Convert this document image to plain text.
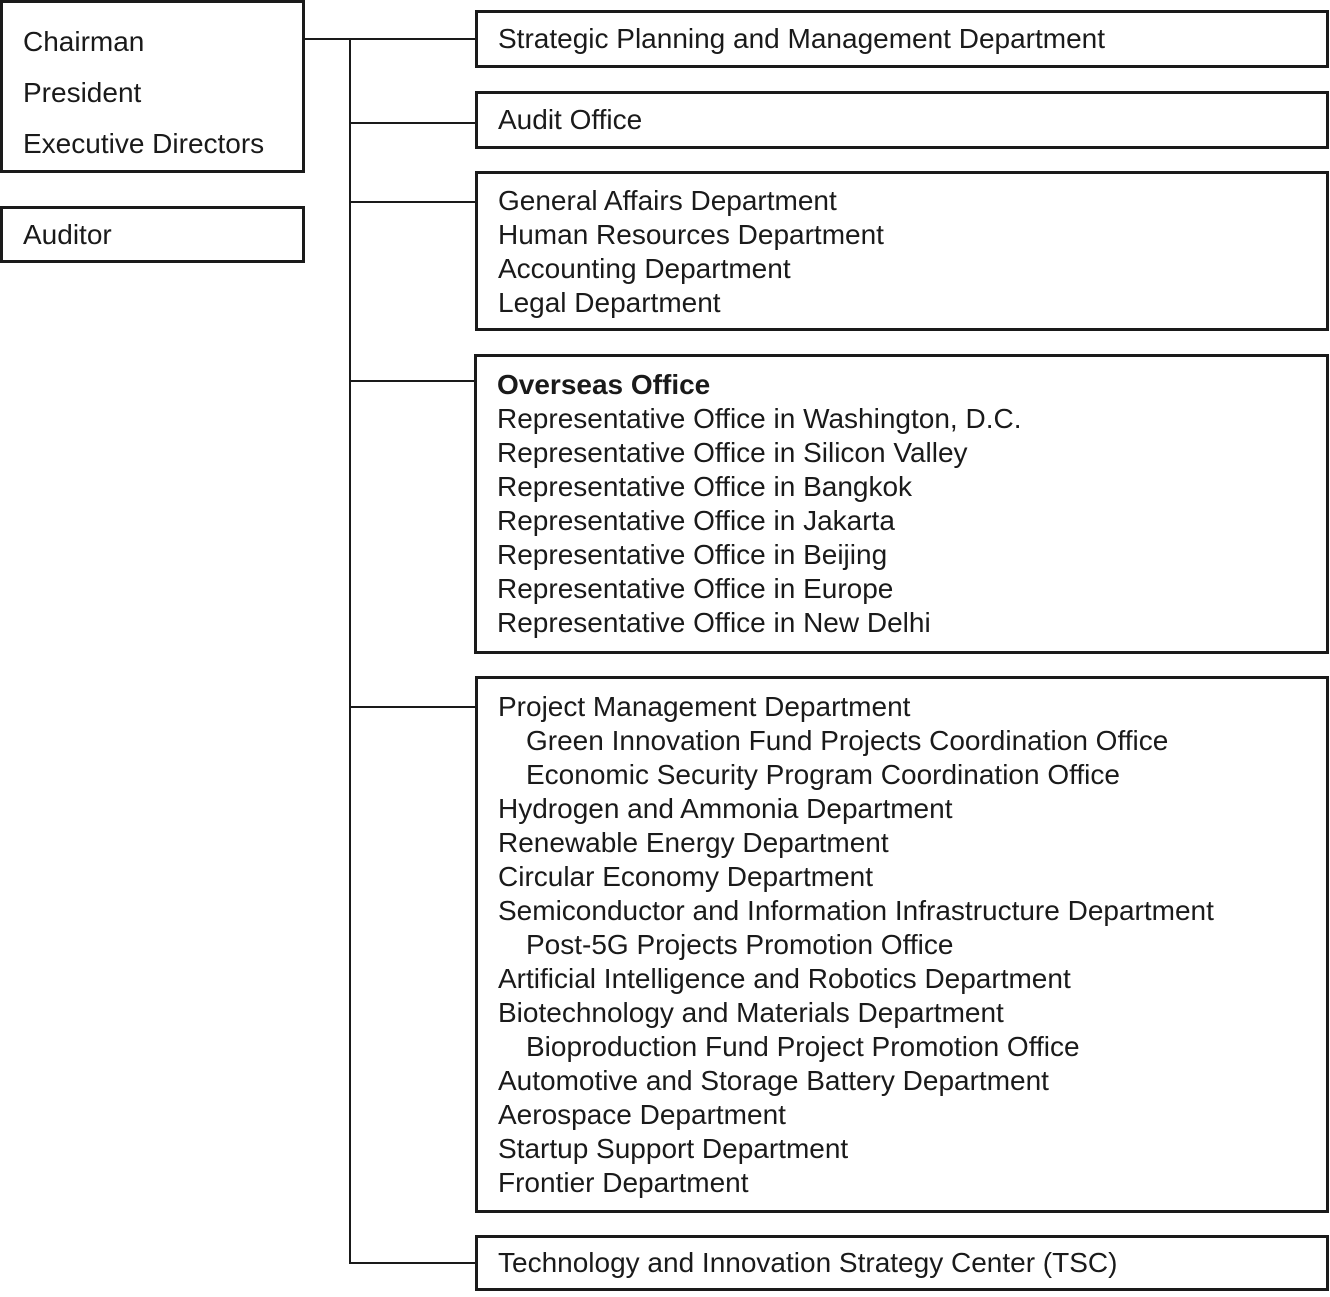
Chairman
President
Executive Directors
Auditor
Strategic Planning and Management Department
Audit Office
General Affairs Department
Human Resources Department
Accounting Department
Legal Department
Overseas Office
Representative Office in Washington, D.C.
Representative Office in Silicon Valley
Representative Office in Bangkok
Representative Office in Jakarta
Representative Office in Beijing
Representative Office in Europe
Representative Office in New Delhi
Project Management Department
Green Innovation Fund Projects Coordination Office
Economic Security Program Coordination Office
Hydrogen and Ammonia Department
Renewable Energy Department
Circular Economy Department
Semiconductor and Information Infrastructure Department
Post-5G Projects Promotion Office
Artificial Intelligence and Robotics Department
Biotechnology and Materials Department
Bioproduction Fund Project Promotion Office
Automotive and Storage Battery Department
Aerospace Department
Startup Support Department
Frontier Department
Technology and Innovation Strategy Center (TSC)
